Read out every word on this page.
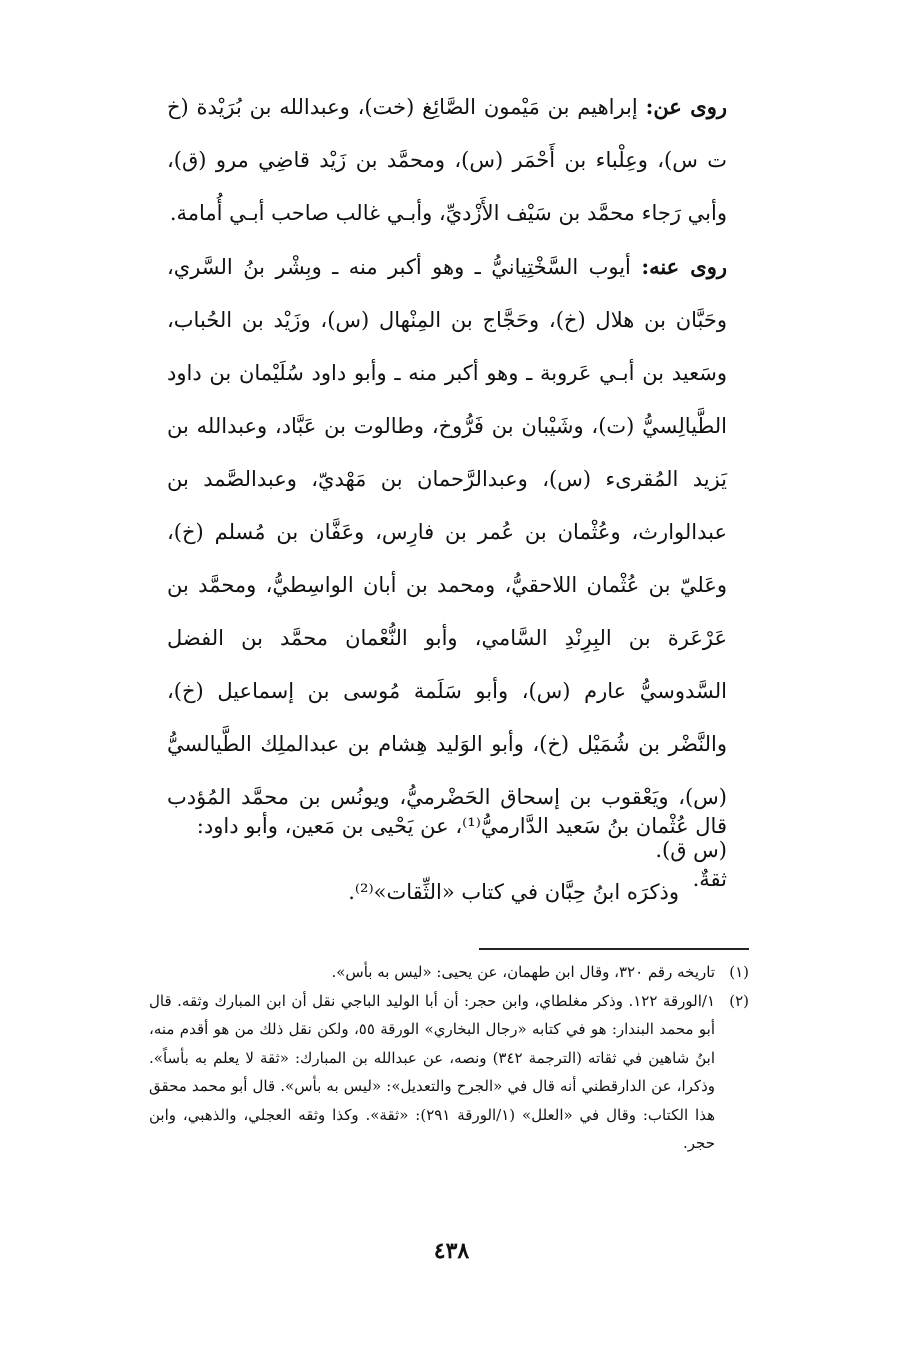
روى عن: إبراهيم بن مَيْمون الصَّائِغ (خت)، وعبدالله بن بُرَيْدة (خ ت س)، وعِلْباء بن أَحْمَر (س)، ومحمَّد بن زَيْد قاضِي مرو (ق)، وأبي رَجاء محمَّد بن سَيْف الأَزْديِّ، وأبـي غالب صاحب أبـي أُمامة.

روى عنه: أيوب السَّخْتِيانيُّ ـ وهو أكبر منه ـ وبِشْر بنُ السَّري، وحَبَّان بن هلال (خ)، وحَجَّاج بن المِنْهال (س)، وزَيْد بن الحُباب، وسَعيد بن أبـي عَروبة ـ وهو أكبر منه ـ وأبو داود سُلَيْمان بن داود الطَّيالِسيُّ (ت)، وشَيْبان بن فَرُّوخ، وطالوت بن عَبَّاد، وعبدالله بن يَزيد المُقرىء (س)، وعبدالرَّحمان بن مَهْديّ، وعبدالصَّمد بن عبدالوارث، وعُثْمان بن عُمر بن فارِس، وعَفَّان بن مُسلم (خ)، وعَليّ بن عُثْمان اللاحقيُّ، ومحمد بن أبان الواسِطيُّ، ومحمَّد بن عَرْعَرة بن البِرِنْدِ السَّامي، وأبو النُّعْمان محمَّد بن الفضل السَّدوسيُّ عارم (س)، وأبو سَلَمة مُوسى بن إسماعيل (خ)، والنَّضْر بن شُمَيْل (خ)، وأبو الوَليد هِشام بن عبدالملِك الطَّيالسيُّ (س)، ويَعْقوب بن إسحاق الحَضْرميُّ، ويونُس بن محمَّد المُؤدب (س ق).

قال عُثْمان بنُ سَعيد الدَّارميُّ⁽¹⁾، عن يَحْيى بن مَعين، وأبو داود: ثقةٌ.

وذكرَه ابنُ حِبَّان في كتاب «الثِّقات»⁽²⁾.

(١)
تاريخه رقم ٣٢٠، وقال ابن طهمان، عن يحيى: «ليس به بأس».
(٢)
١/الورقة ١٢٢. وذكر مغلطاي، وابن حجر: أن أبا الوليد الباجي نقل أن ابن المبارك وثقه. قال أبو محمد البندار: هو في كتابه «رجال البخاري» الورقة ٥٥، ولكن نقل ذلك من هو أقدم منه، ابنُ شاهين في ثقاته (الترجمة ٣٤٢) ونصه، عن عبدالله بن المبارك: «ثقة لا يعلم به بأساً». وذكرا، عن الدارقطني أنه قال في «الجرح والتعديل»: «ليس به بأس». قال أبو محمد محقق هذا الكتاب: وقال في «العلل» (١/الورقة ٢٩١): «ثقة». وكذا وثقه العجلي، والذهبي، وابن حجر.
٤٣٨
